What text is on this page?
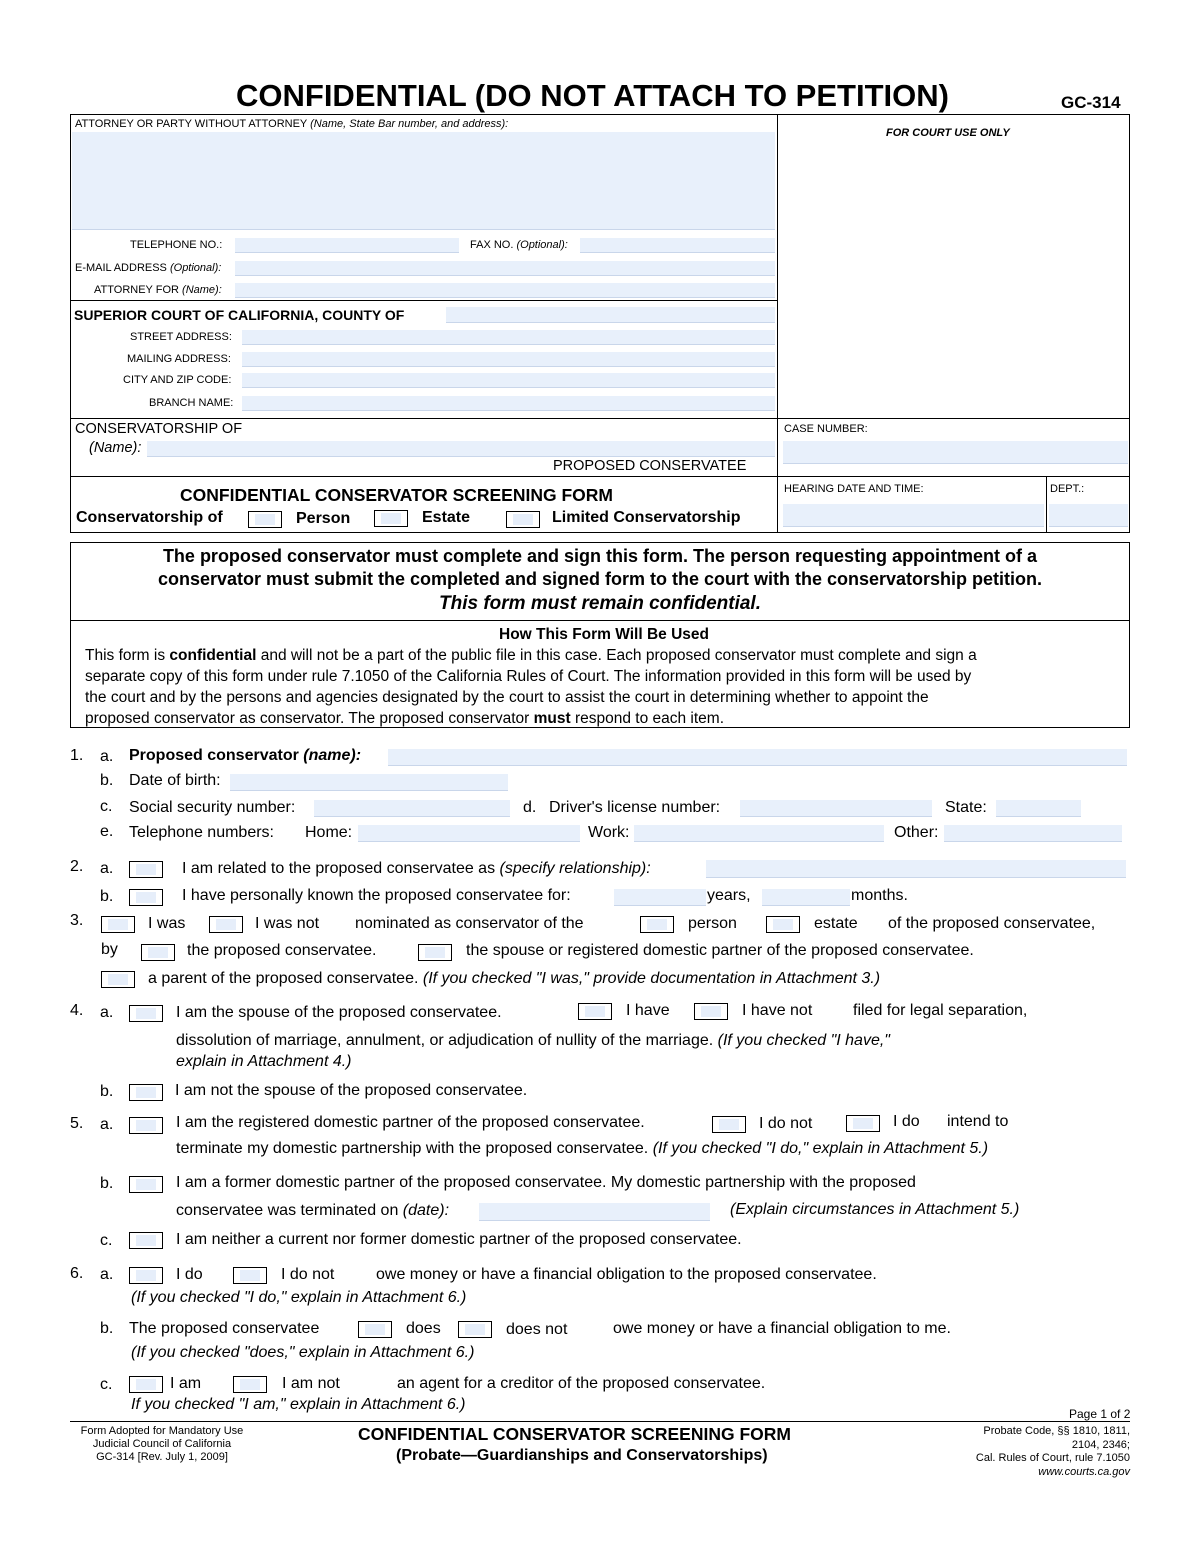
CONFIDENTIAL (DO NOT ATTACH TO PETITION)	GC-314
ATTORNEY OR PARTY WITHOUT ATTORNEY (Name, State Bar number, and address):
FOR COURT USE ONLY
TELEPHONE NO.:	FAX NO. (Optional):
E-MAIL ADDRESS (Optional):
ATTORNEY FOR (Name):
SUPERIOR COURT OF CALIFORNIA, COUNTY OF
STREET ADDRESS:
MAILING ADDRESS:
CITY AND ZIP CODE:
BRANCH NAME:
CONSERVATORSHIP OF
(Name):
PROPOSED CONSERVATEE
CASE NUMBER:
CONFIDENTIAL CONSERVATOR SCREENING FORM
Conservatorship of	Person	Estate	Limited Conservatorship
HEARING DATE AND TIME:	DEPT.:
The proposed conservator must complete and sign this form. The person requesting appointment of a
conservator must submit the completed and signed form to the court with the conservatorship petition.
This form must remain confidential.
How This Form Will Be Used
This form is confidential and will not be a part of the public file in this case. Each proposed conservator must complete and sign a
separate copy of this form under rule 7.1050 of the California Rules of Court. The information provided in this form will be used by
the court and by the persons and agencies designated by the court to assist the court in determining whether to appoint the
proposed conservator as conservator. The proposed conservator must respond to each item.
1. a. Proposed conservator (name):
b. Date of birth:
c. Social security number:	d. Driver's license number:	State:
e. Telephone numbers: Home:	Work:	Other:
2. a.	I am related to the proposed conservatee as (specify relationship):
b.	I have personally known the proposed conservatee for:	years,	months.
3.	I was	I was not nominated as conservator of the	person	estate of the proposed conservatee,
by	the proposed conservatee.	the spouse or registered domestic partner of the proposed conservatee.
a parent of the proposed conservatee. (If you checked "I was," provide documentation in Attachment 3.)
4. a.	I am the spouse of the proposed conservatee.	I have	I have not	filed for legal separation,
dissolution of marriage, annulment, or adjudication of nullity of the marriage. (If you checked "I have,"
explain in Attachment 4.)
b.	I am not the spouse of the proposed conservatee.
5. a.	I am the registered domestic partner of the proposed conservatee.	I do not	I do intend to
terminate my domestic partnership with the proposed conservatee. (If you checked "I do," explain in Attachment 5.)
b.	I am a former domestic partner of the proposed conservatee. My domestic partnership with the proposed
conservatee was terminated on (date):	(Explain circumstances in Attachment 5.)
c.	I am neither a current nor former domestic partner of the proposed conservatee.
6. a.	I do	I do not	owe money or have a financial obligation to the proposed conservatee.
(If you checked "I do," explain in Attachment 6.)
b. The proposed conservatee	does	does not	owe money or have a financial obligation to me.
(If you checked "does," explain in Attachment 6.)
c.	I am	I am not	an agent for a creditor of the proposed conservatee.
If you checked "I am," explain in Attachment 6.)
Page 1 of 2
Form Adopted for Mandatory Use
Judicial Council of California
GC-314 [Rev. July 1, 2009]
CONFIDENTIAL CONSERVATOR SCREENING FORM
(Probate—Guardianships and Conservatorships)
Probate Code, §§ 1810, 1811,
2104, 2346;
Cal. Rules of Court, rule 7.1050
www.courts.ca.gov
